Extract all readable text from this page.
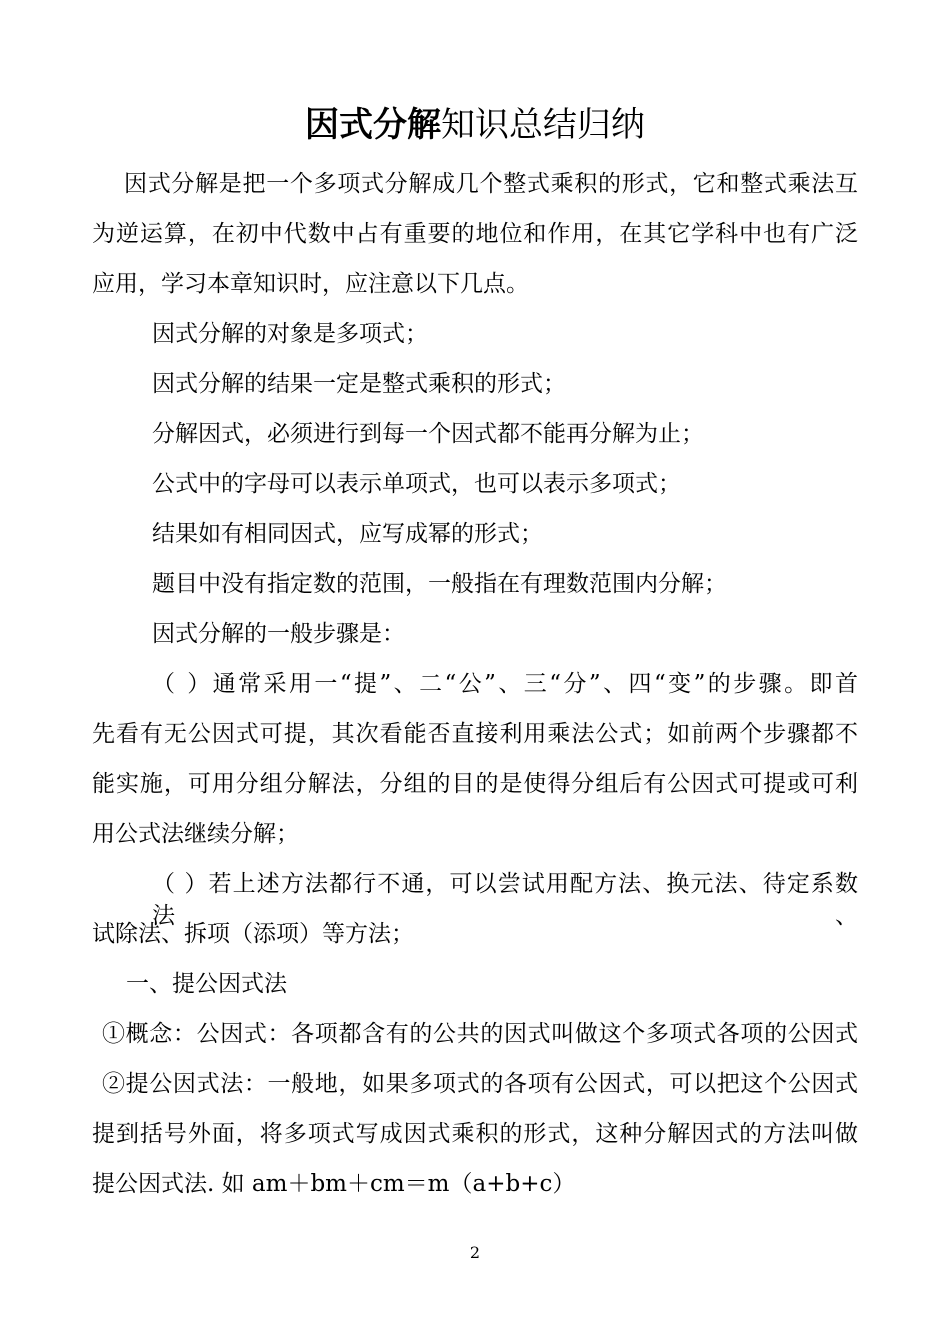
因式分解知识总结归纳
因式分解是把一个多项式分解成几个整式乘积的形式，它和整式乘法互
为逆运算，在初中代数中占有重要的地位和作用，在其它学科中也有广泛
应用，学习本章知识时，应注意以下几点。
因式分解的对象是多项式；
因式分解的结果一定是整式乘积的形式；
分解因式，必须进行到每一个因式都不能再分解为止；
公式中的字母可以表示单项式，也可以表示多项式；
结果如有相同因式，应写成幂的形式；
题目中没有指定数的范围，一般指在有理数范围内分解；
因式分解的一般步骤是：
（ ）通常采用一“提”、二“公”、三“分”、四“变”的步骤。即首
先看有无公因式可提，其次看能否直接利用乘法公式；如前两个步骤都不
能实施，可用分组分解法，分组的目的是使得分组后有公因式可提或可利
用公式法继续分解；
（ ）若上述方法都行不通，可以尝试用配方法、换元法、待定系数法、
试除法、拆项（添项）等方法；
一、提公因式法
①概念：公因式：各项都含有的公共的因式叫做这个多项式各项的公因式
②提公因式法：一般地，如果多项式的各项有公因式，可以把这个公因式
提到括号外面，将多项式写成因式乘积的形式，这种分解因式的方法叫做
提公因式法. 如 am＋bm＋cm＝m（a+b+c）
2
